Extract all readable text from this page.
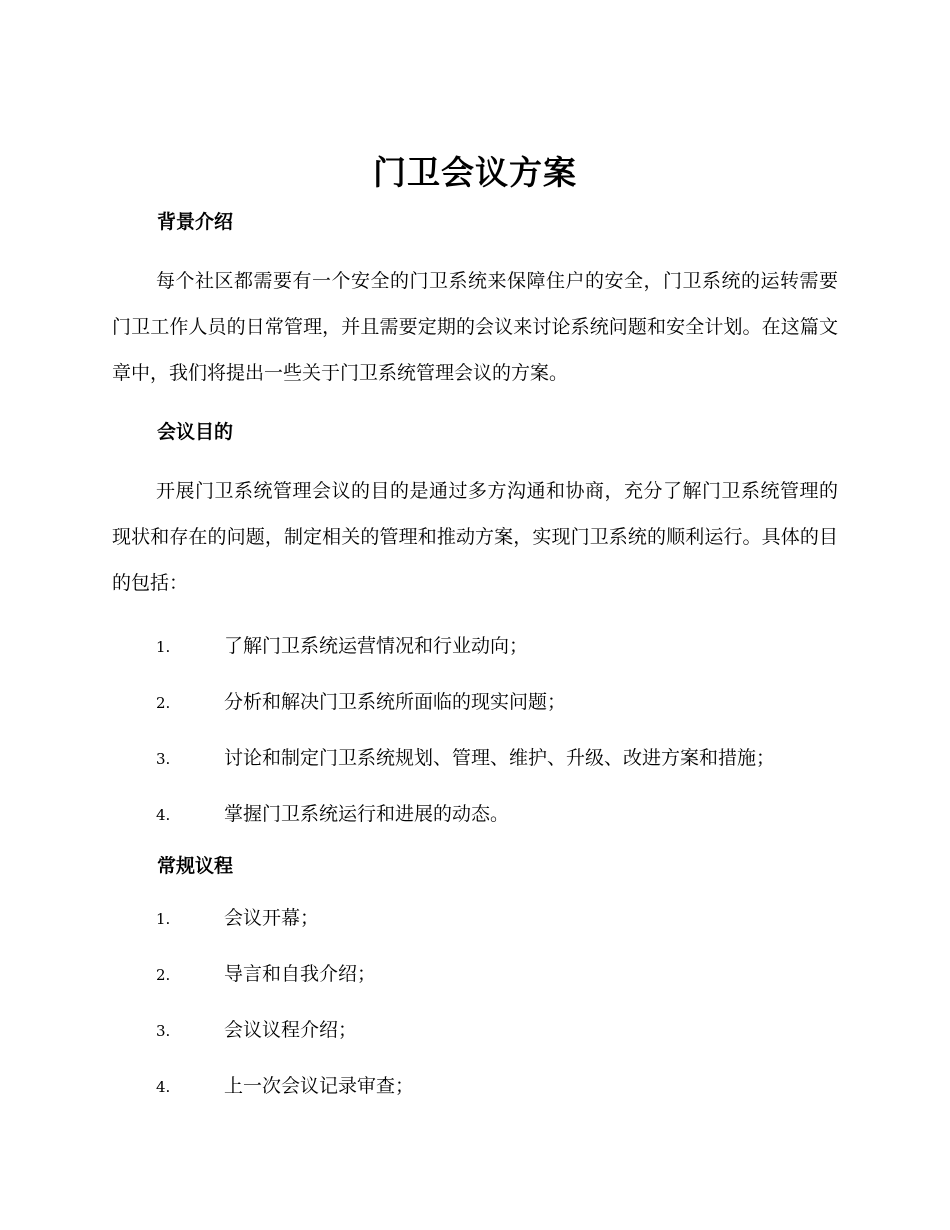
门卫会议方案
背景介绍

每个社区都需要有一个安全的门卫系统来保障住户的安全，门卫系统的运转需要门卫工作人员的日常管理，并且需要定期的会议来讨论系统问题和安全计划。在这篇文章中，我们将提出一些关于门卫系统管理会议的方案。

会议目的

开展门卫系统管理会议的目的是通过多方沟通和协商，充分了解门卫系统管理的现状和存在的问题，制定相关的管理和推动方案，实现门卫系统的顺利运行。具体的目的包括：

1.	了解门卫系统运营情况和行业动向；
2.	分析和解决门卫系统所面临的现实问题；
3.	讨论和制定门卫系统规划、管理、维护、升级、改进方案和措施；
4.	掌握门卫系统运行和进展的动态。
常规议程
1.	会议开幕；
2.	导言和自我介绍；
3.	会议议程介绍；
4.	上一次会议记录审查；
